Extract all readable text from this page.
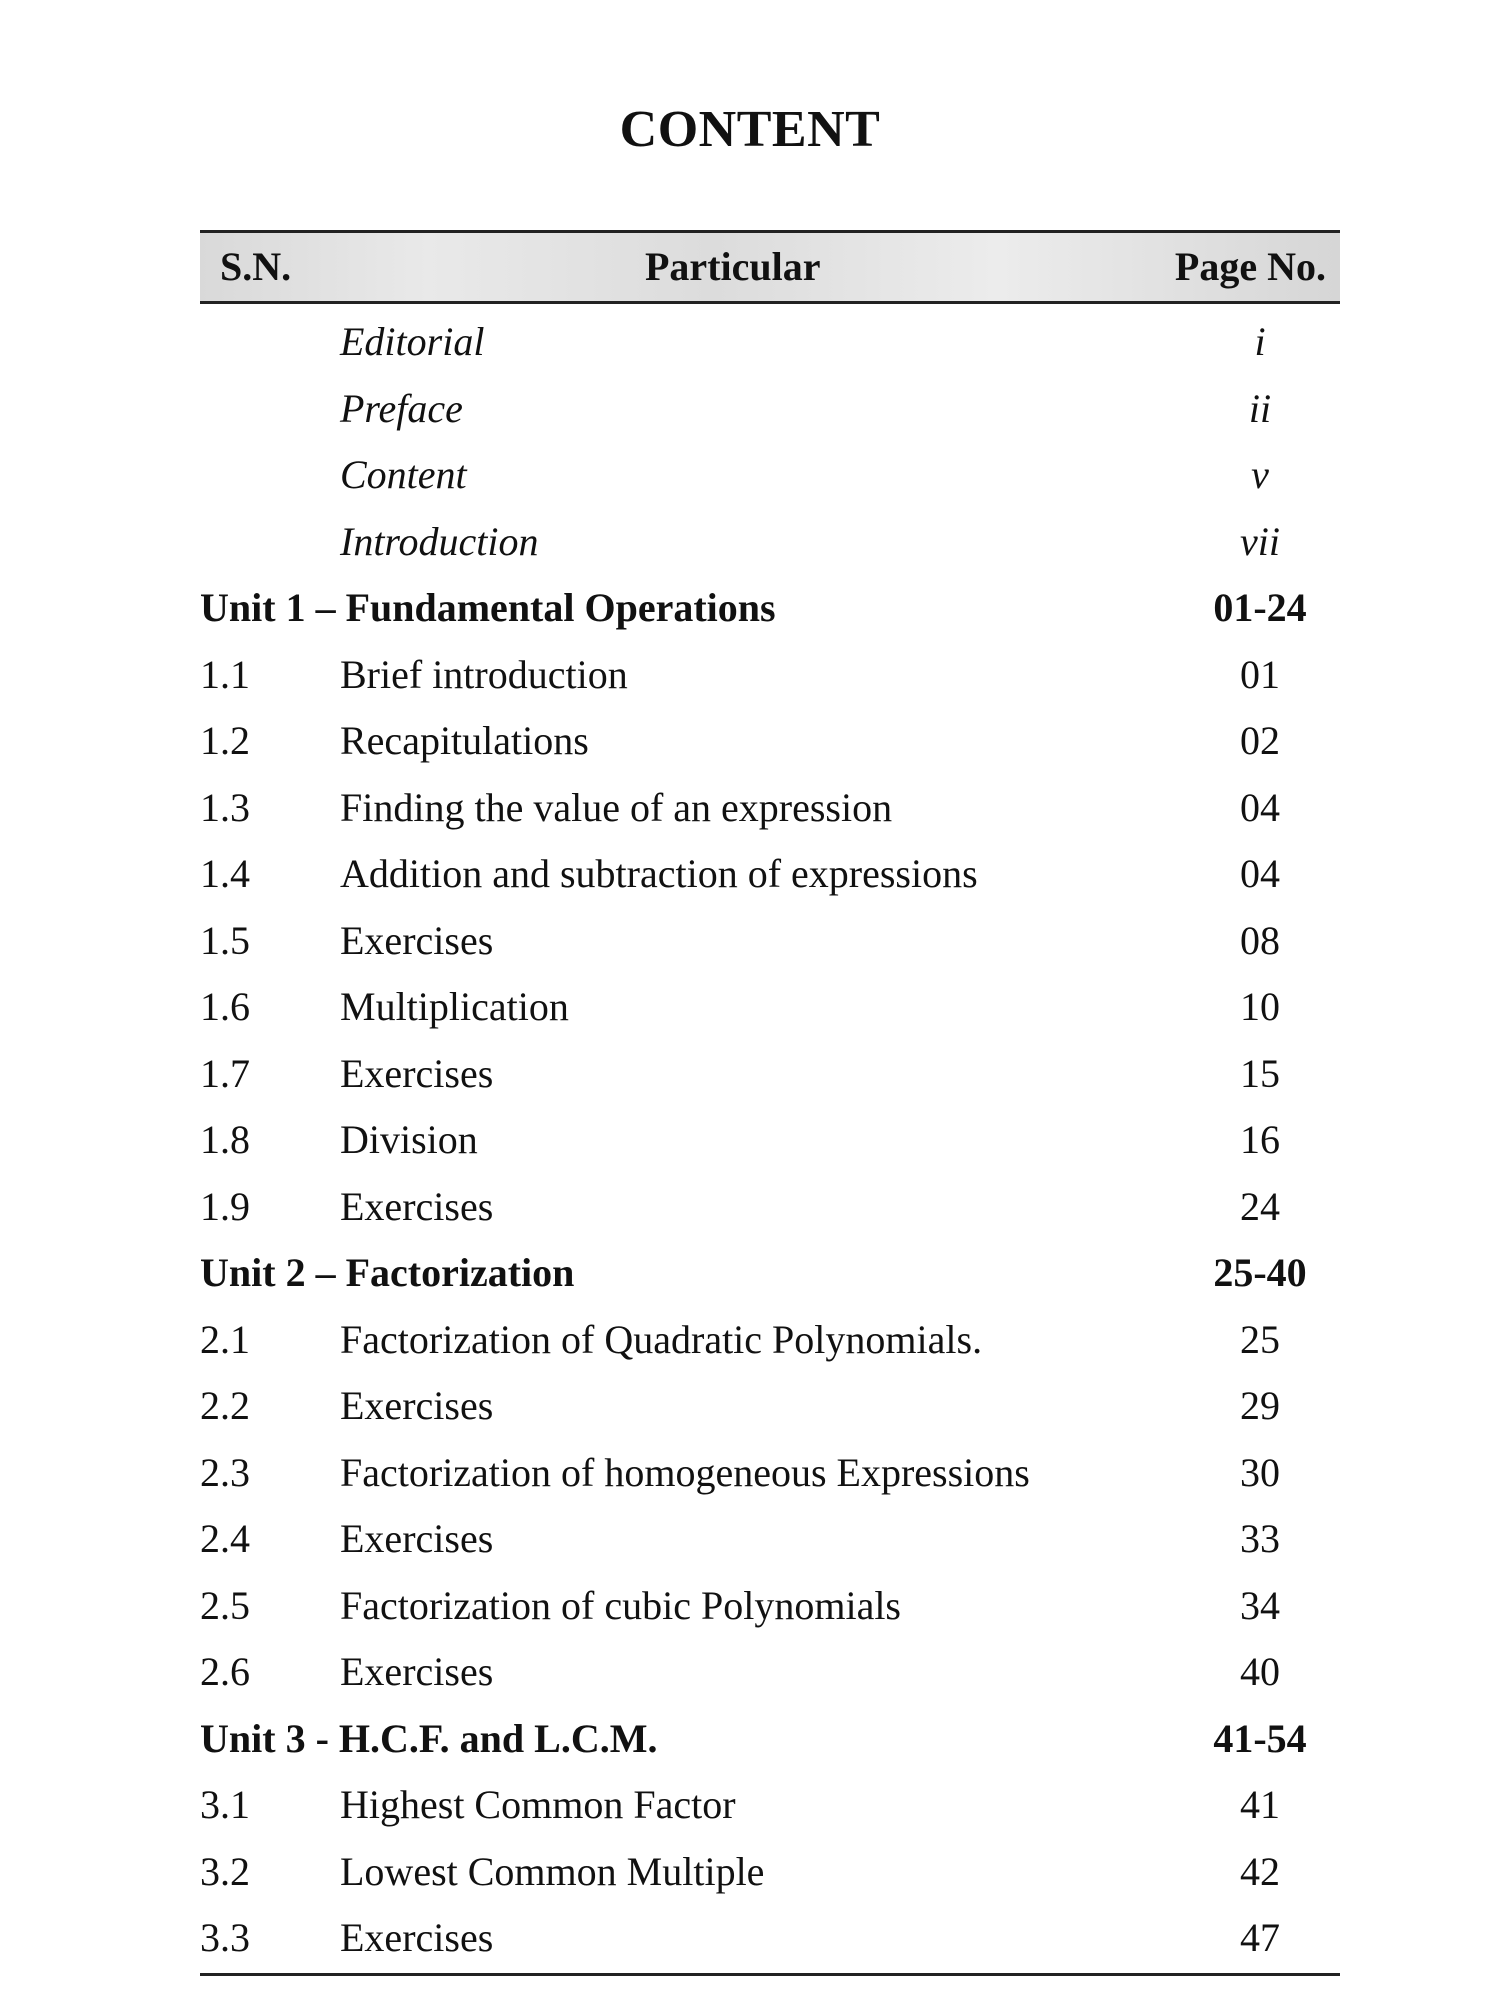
CONTENT
S.N.	Particular	Page No.
Editorial	i
Preface	ii
Content	v
Introduction	vii
Unit 1 – Fundamental Operations	01-24
1.1 Brief introduction	01
1.2 Recapitulations	02
1.3 Finding the value of an expression	04
1.4 Addition and subtraction of expressions	04
1.5 Exercises	08
1.6 Multiplication	10
1.7 Exercises	15
1.8 Division	16
1.9 Exercises	24
Unit 2 – Factorization	25-40
2.1 Factorization of Quadratic Polynomials.	25
2.2 Exercises	29
2.3 Factorization of homogeneous Expressions	30
2.4 Exercises	33
2.5 Factorization of cubic Polynomials	34
2.6 Exercises	40
Unit 3 - H.C.F. and L.C.M.	41-54
3.1 Highest Common Factor	41
3.2 Lowest Common Multiple	42
3.3 Exercises	47
